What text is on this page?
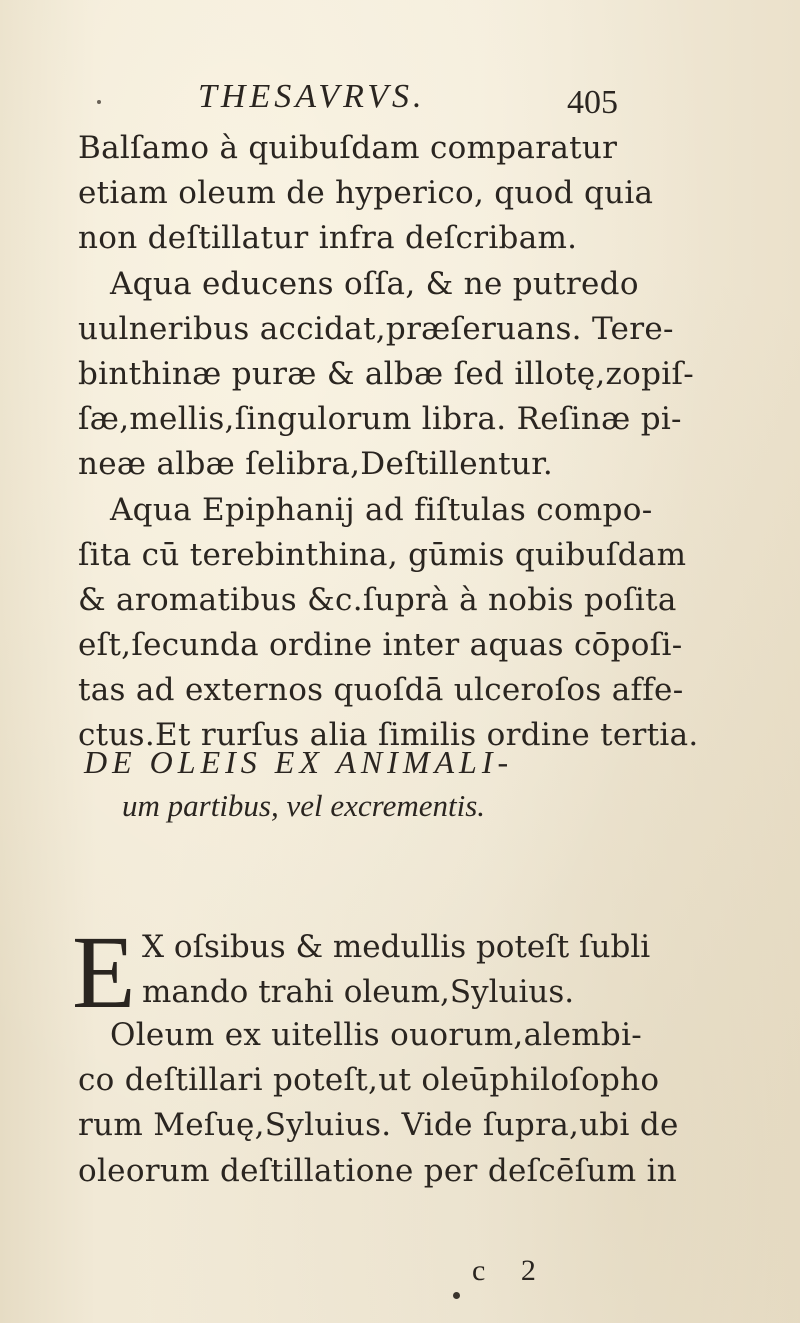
THESAVRVS.	405
Balſamo à quibuſdam comparatur
etiam oleum de hyperico, quod quia
non deſtillatur infra deſcribam.
Aqua educens oſſa, & ne putredo
uulneribus accidat,præſeruans. Tere-
binthinæ puræ & albæ ſed illotę,zopiſ-
ſæ,mellis,ſingulorum libra. Reſinæ pi-
neæ albæ ſelibra,Deſtillentur.
Aqua Epiphanij ad fiſtulas compo-
ſita cū terebinthina, gūmis quibuſdam
& aromatibus &c.ſuprà à nobis poſita
eſt,ſecunda ordine inter aquas cōpoſi-
tas ad externos quoſdā ulceroſos affe-
ctus.Et rurſus alia ſimilis ordine tertia.
DE OLEIS EX ANIMALI-
um partibus, vel excrementis.
E X oſsibus & medullis poteſt ſubli
mando trahi oleum,Syluius.
Oleum ex uitellis ouorum,alembi-
co deſtillari poteſt,ut oleūphiloſopho
rum Meſuę,Syluius. Vide ſupra,ubi de
oleorum deſtillatione per deſcēſum in
c 2
